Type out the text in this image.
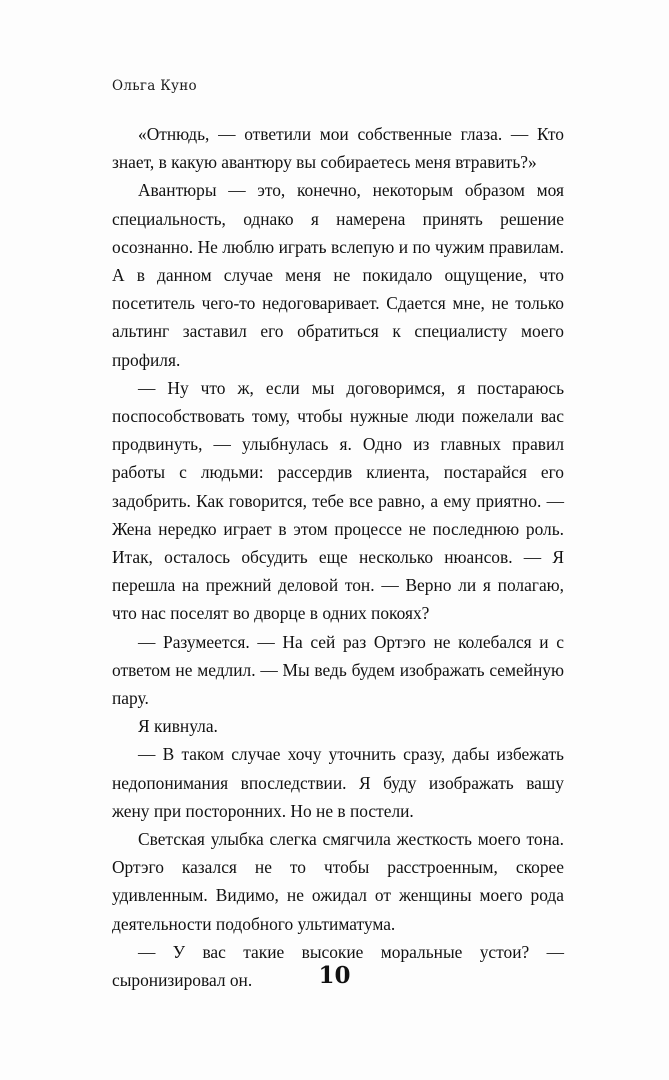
Ольга Куно

«Отнюдь, — ответили мои собственные глаза. — Кто знает, в какую авантюру вы собираетесь меня втравить?»

Авантюры — это, конечно, некоторым образом моя специальность, однако я намерена принять решение осознанно. Не люблю играть вслепую и по чужим правилам. А в данном случае меня не покидало ощущение, что посетитель чего-то недоговаривает. Сдается мне, не только альтинг заставил его обратиться к специалисту моего профиля.

— Ну что ж, если мы договоримся, я постараюсь поспособствовать тому, чтобы нужные люди пожелали вас продвинуть, — улыбнулась я. Одно из главных правил работы с людьми: рассердив клиента, постарайся его задобрить. Как говорится, тебе все равно, а ему приятно. — Жена нередко играет в этом процессе не последнюю роль. Итак, осталось обсудить еще несколько нюансов. — Я перешла на прежний деловой тон. — Верно ли я полагаю, что нас поселят во дворце в одних покоях?

— Разумеется. — На сей раз Ортэго не колебался и с ответом не медлил. — Мы ведь будем изображать семейную пару.

Я кивнула.

— В таком случае хочу уточнить сразу, дабы избежать недопонимания впоследствии. Я буду изображать вашу жену при посторонних. Но не в постели.

Светская улыбка слегка смягчила жесткость моего тона. Ортэго казался не то чтобы расстроенным, скорее удивленным. Видимо, не ожидал от женщины моего рода деятельности подобного ультиматума.

— У вас такие высокие моральные устои? — сыронизировал он.	10
